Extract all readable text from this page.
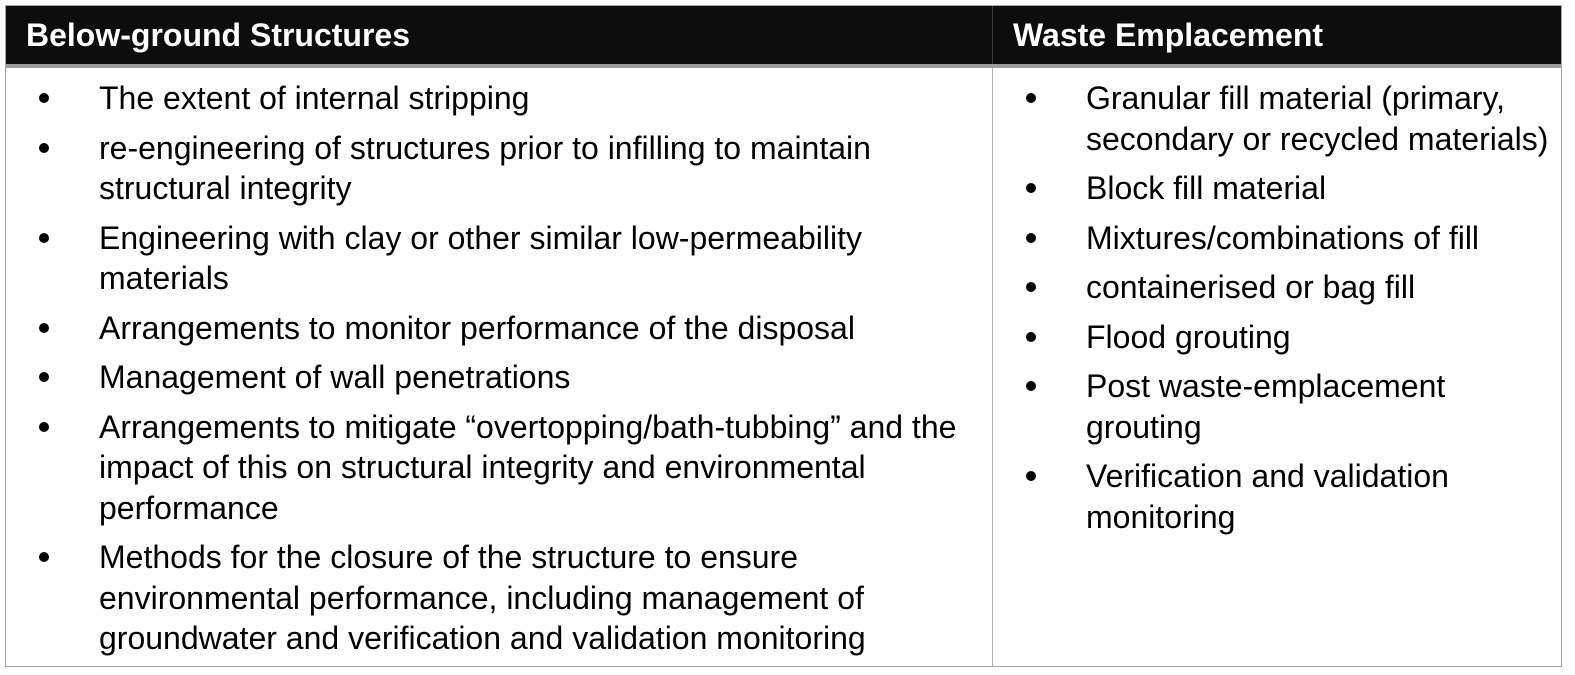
Below-ground Structures	Waste Emplacement
The extent of internal stripping
re-engineering of structures prior to infilling to maintain structural integrity
Engineering with clay or other similar low-permeability materials
Arrangements to monitor performance of the disposal
Management of wall penetrations
Arrangements to mitigate “overtopping/bath-tubbing” and the impact of this on structural integrity and environmental performance
Methods for the closure of the structure to ensure environmental performance, including management of groundwater and verification and validation monitoring
Granular fill material (primary, secondary or recycled materials)
Block fill material
Mixtures/combinations of fill
containerised or bag fill
Flood grouting
Post waste-emplacement grouting
Verification and validation monitoring
